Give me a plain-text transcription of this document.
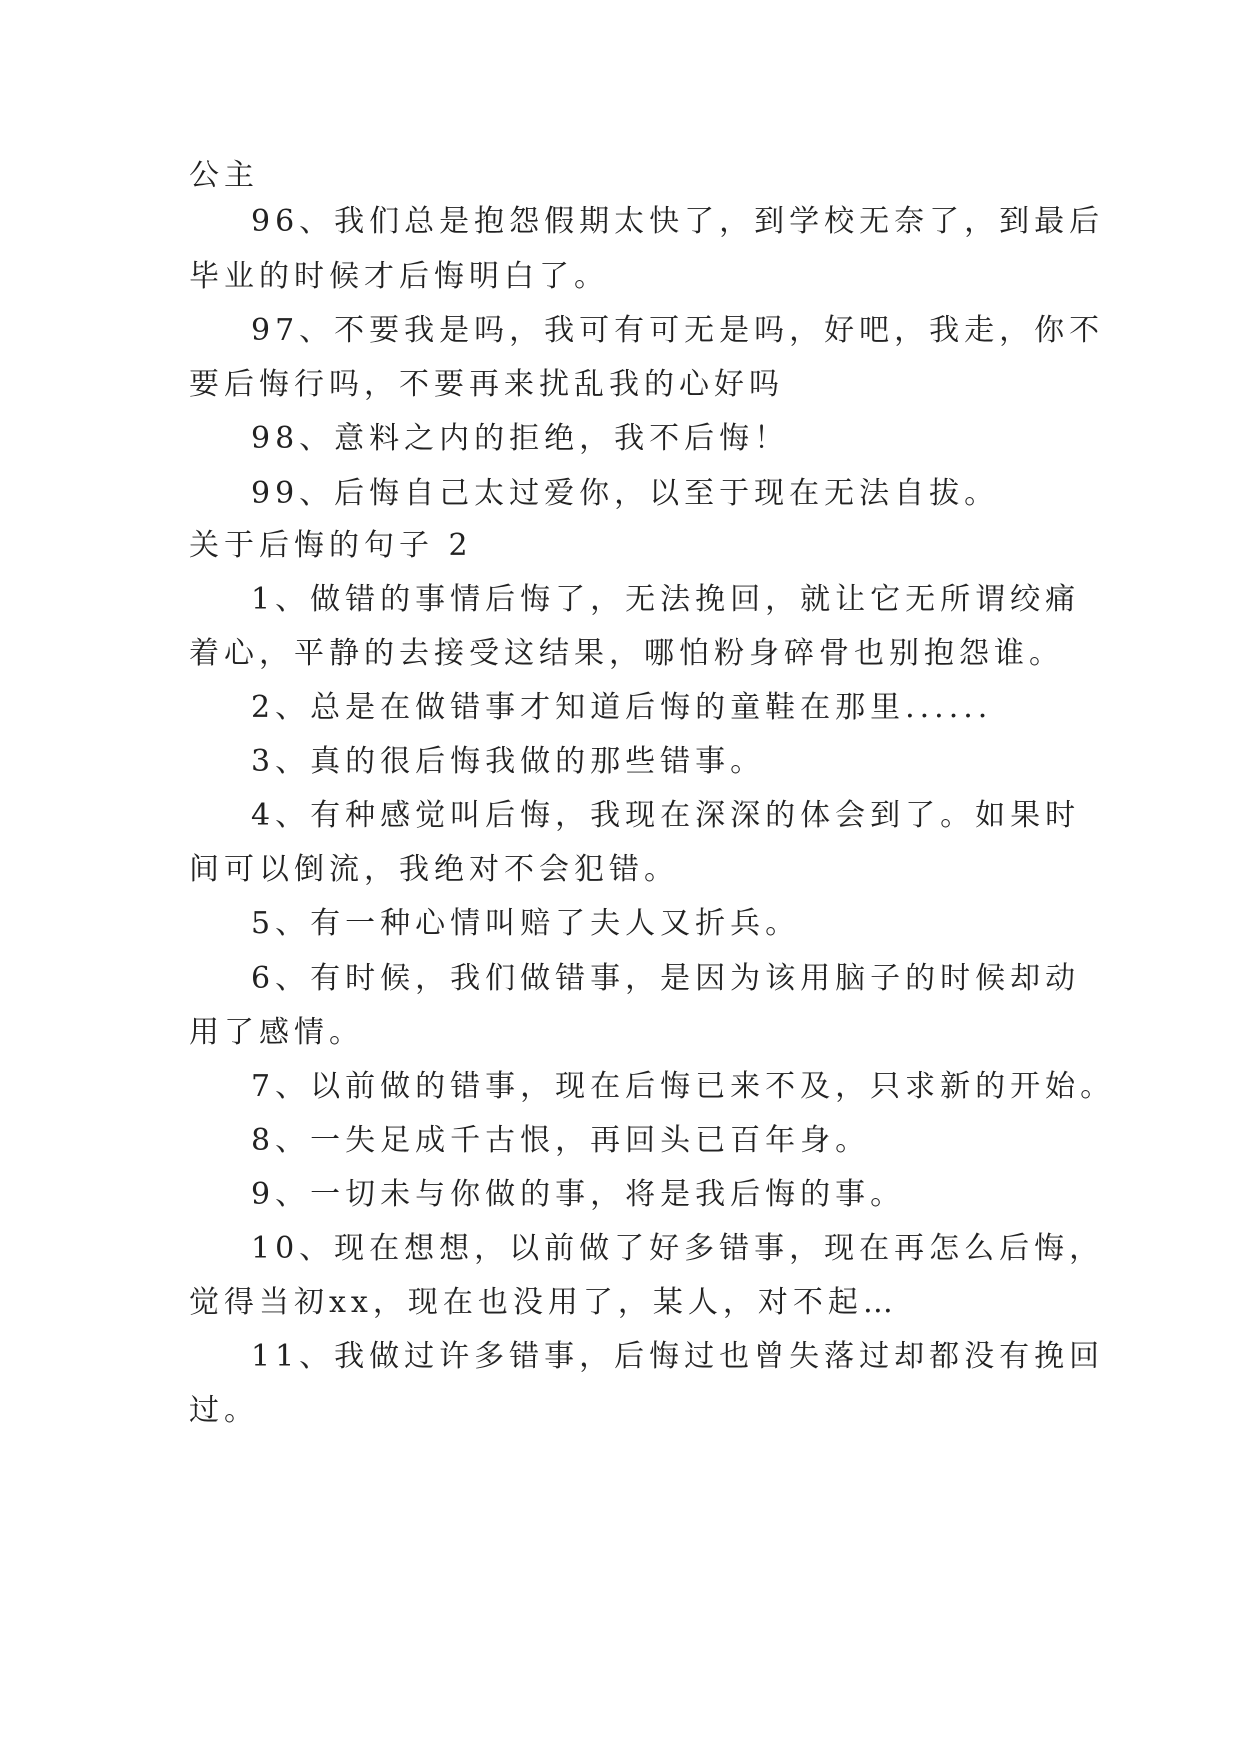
公主
96、我们总是抱怨假期太快了，到学校无奈了，到最后
毕业的时候才后悔明白了。
97、不要我是吗，我可有可无是吗，好吧，我走，你不
要后悔行吗，不要再来扰乱我的心好吗
98、意料之内的拒绝，我不后悔！
99、后悔自己太过爱你，以至于现在无法自拔。
关于后悔的句子 2
1、做错的事情后悔了，无法挽回，就让它无所谓绞痛
着心，平静的去接受这结果，哪怕粉身碎骨也别抱怨谁。
2、总是在做错事才知道后悔的童鞋在那里......
3、真的很后悔我做的那些错事。
4、有种感觉叫后悔，我现在深深的体会到了。如果时
间可以倒流，我绝对不会犯错。
5、有一种心情叫赔了夫人又折兵。
6、有时候，我们做错事，是因为该用脑子的时候却动
用了感情。
7、以前做的错事，现在后悔已来不及，只求新的开始。
8、一失足成千古恨，再回头已百年身。
9、一切未与你做的事，将是我后悔的事。
10、现在想想，以前做了好多错事，现在再怎么后悔，
觉得当初xx，现在也没用了，某人，对不起…
11、我做过许多错事，后悔过也曾失落过却都没有挽回
过。
